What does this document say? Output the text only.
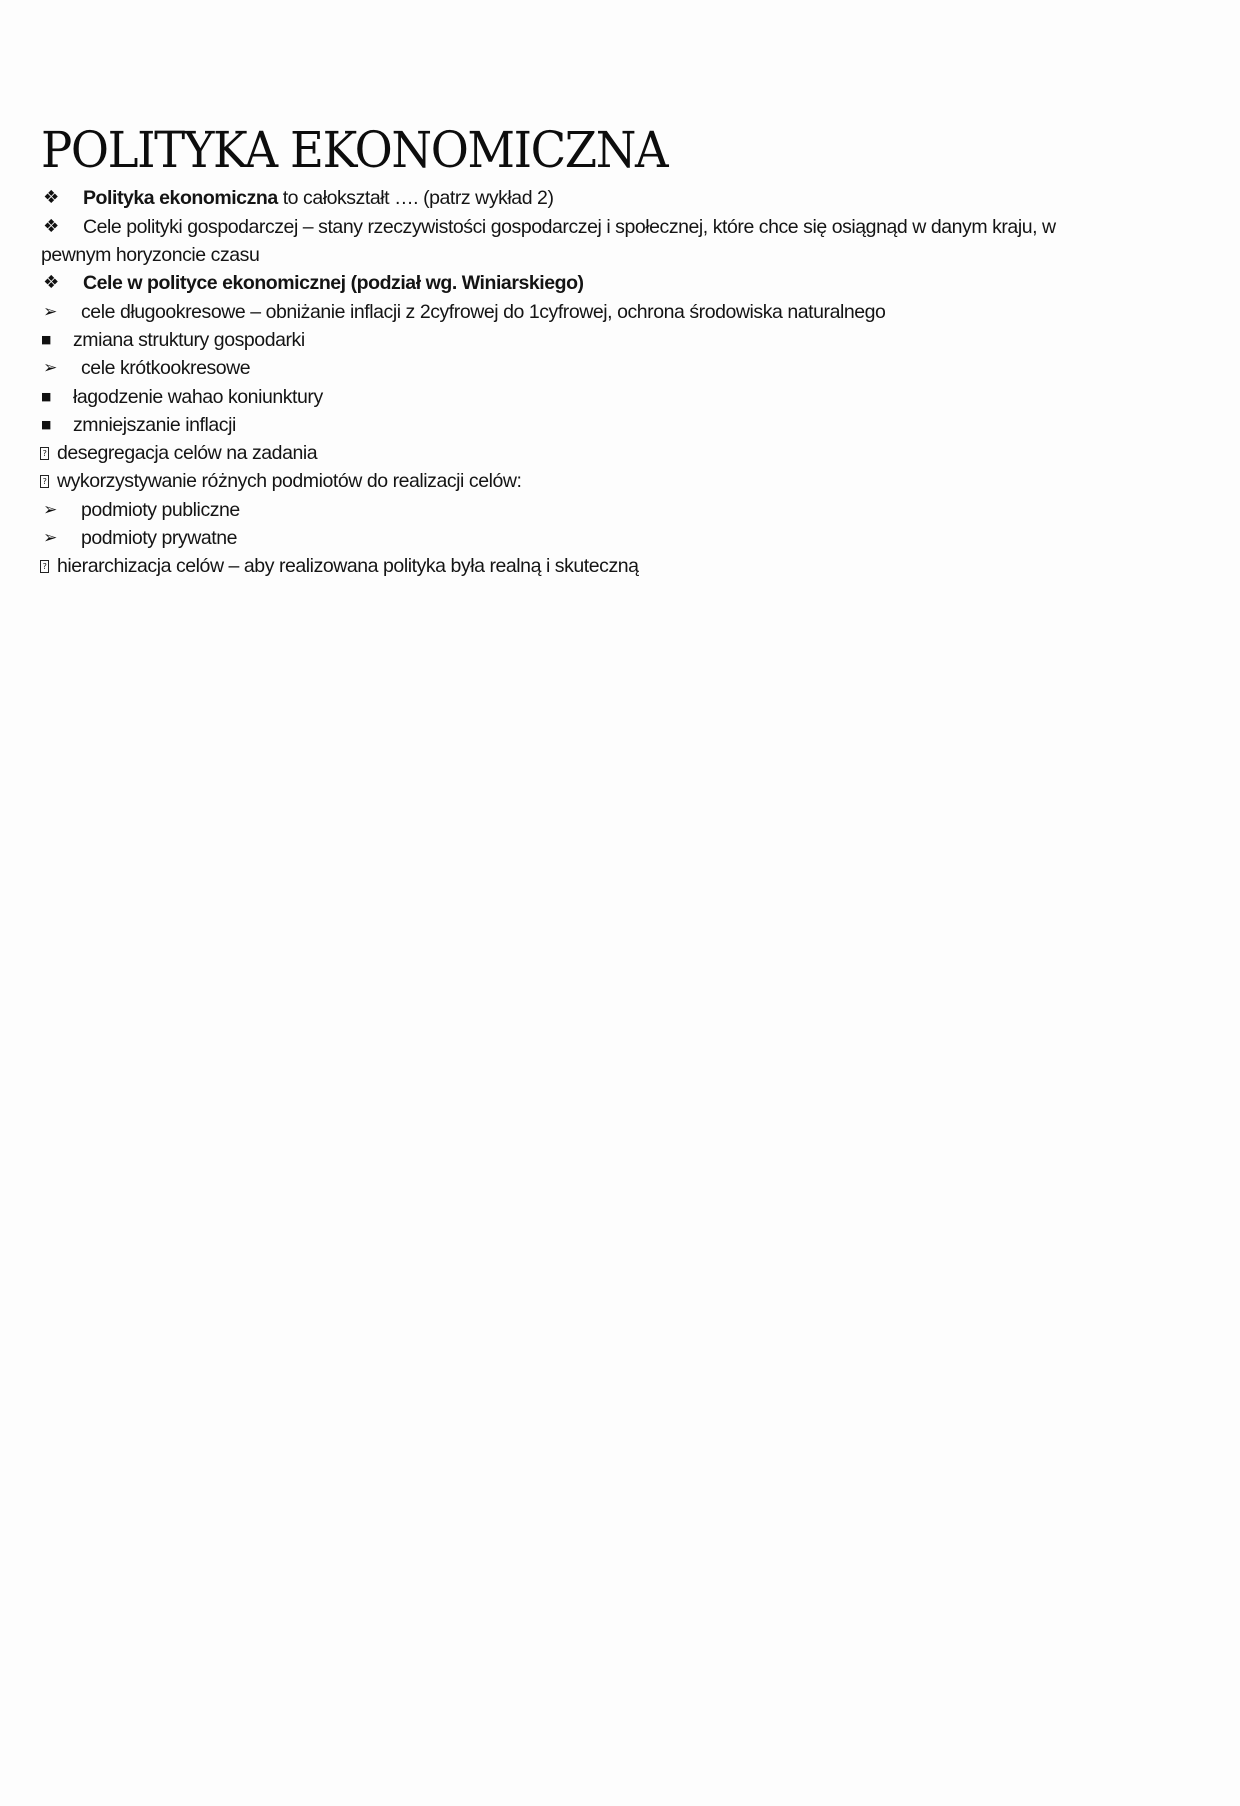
POLITYKA EKONOMICZNA
❖ Polityka ekonomiczna to całokształt …. (patrz wykład 2)
❖ Cele polityki gospodarczej – stany rzeczywistości gospodarczej i społecznej, które chce się osiągnąd w danym kraju, w
pewnym horyzoncie czasu
❖ Cele w polityce ekonomicznej (podział wg. Winiarskiego)
➢ cele długookresowe – obniżanie inflacji z 2cyfrowej do 1cyfrowej, ochrona środowiska naturalnego
■ zmiana struktury gospodarki
➢ cele krótkookresowe
■ łagodzenie wahao koniunktury
■ zmniejszanie inflacji
? desegregacja celów na zadania
? wykorzystywanie różnych podmiotów do realizacji celów:
➢ podmioty publiczne
➢ podmioty prywatne
? hierarchizacja celów – aby realizowana polityka była realną i skuteczną
